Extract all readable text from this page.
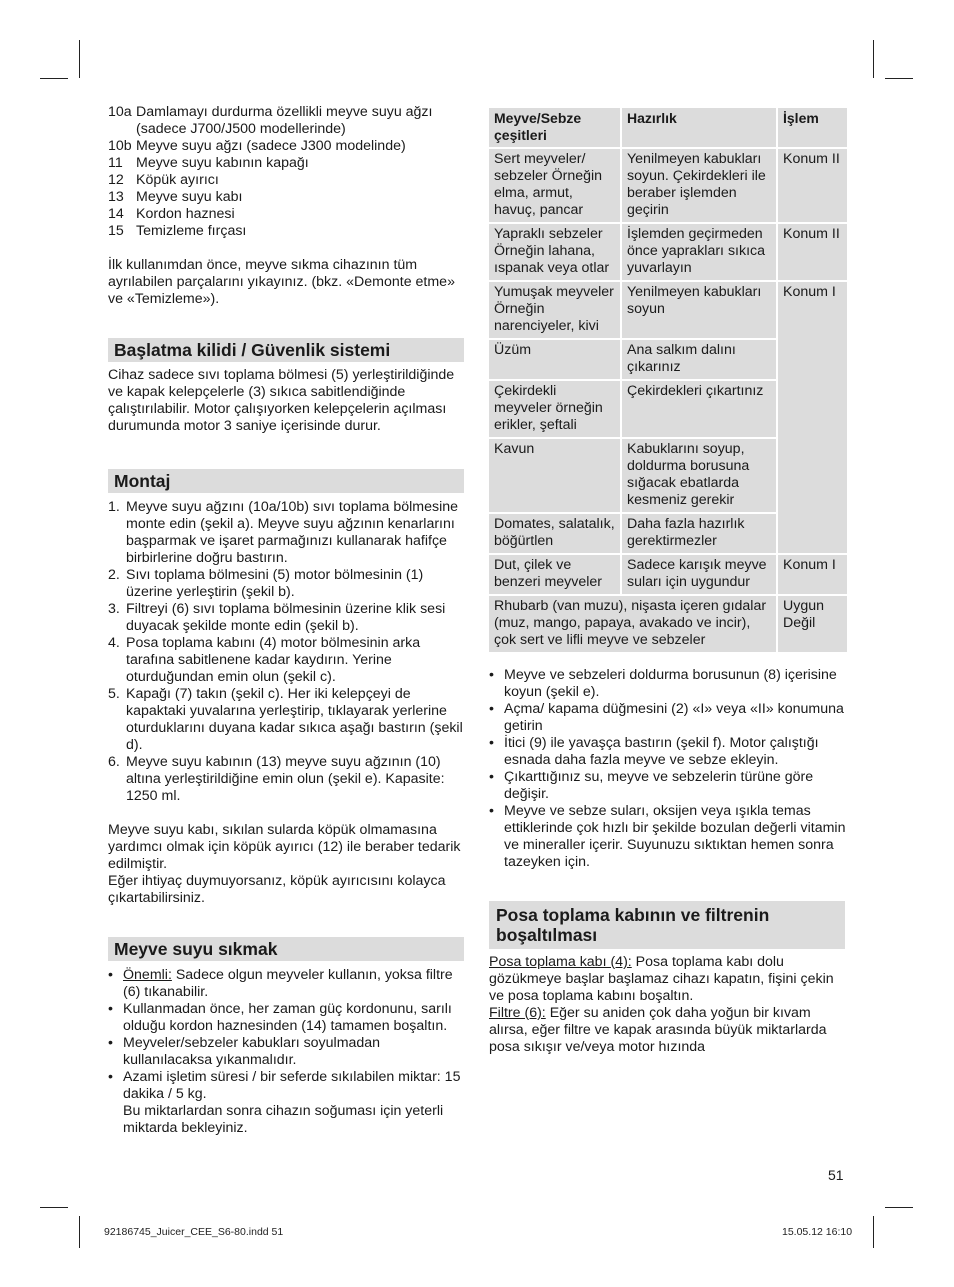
10a Damlamayı durdurma özellikli meyve suyu ağzı (sadece J700/J500 modellerinde)
10b Meyve suyu ağzı (sadece J300 modelinde)
11 Meyve suyu kabının kapağı
12 Köpük ayırıcı
13 Meyve suyu kabı
14 Kordon haznesi
15 Temizleme fırçası

İlk kullanımdan önce, meyve sıkma cihazının tüm ayrılabilen parçalarını yıkayınız. (bkz. «Demonte etme» ve «Temizleme»).

Başlatma kilidi / Güvenlik sistemi

Cihaz sadece sıvı toplama bölmesi (5) yerleştirildiğinde ve kapak kelepçelerle (3) sıkıca sabitlendiğinde çalıştırılabilir. Motor çalışıyorken kelepçelerin açılması durumunda motor 3 saniye içerisinde durur.

Montaj
1. Meyve suyu ağzını (10a/10b) sıvı toplama bölmesine monte edin (şekil a). Meyve suyu ağzının kenarlarını başparmak ve işaret parmağınızı kullanarak hafifçe birbirlerine doğru bastırın.
2. Sıvı toplama bölmesini (5) motor bölmesinin (1) üzerine yerleştirin (şekil b).
3. Filtreyi (6) sıvı toplama bölmesinin üzerine klik sesi duyacak şekilde monte edin (şekil b).
4. Posa toplama kabını (4) motor bölmesinin arka tarafına sabitlenene kadar kaydırın. Yerine oturduğundan emin olun (şekil c).
5. Kapağı (7) takın (şekil c). Her iki kelepçeyi de kapaktaki yuvalarına yerleştirip, tıklayarak yerlerine oturduklarını duyana kadar sıkıca aşağı bastırın (şekil d).
6. Meyve suyu kabının (13) meyve suyu ağzının (10) altına yerleştirildiğine emin olun (şekil e). Kapasite: 1250 ml.

Meyve suyu kabı, sıkılan sularda köpük olmamasına yardımcı olmak için köpük ayırıcı (12) ile beraber tedarik edilmiştir.

Eğer ihtiyaç duymuyorsanız, köpük ayırıcısını kolayca çıkartabilirsiniz.

Meyve suyu sıkmak
• Önemli: Sadece olgun meyveler kullanın, yoksa filtre (6) tıkanabilir.
• Kullanmadan önce, her zaman güç kordonunu, sarılı olduğu kordon haznesinden (14) tamamen boşaltın.
• Meyveler/sebzeler kabukları soyulmadan kullanılacaksa yıkanmalıdır.
• Azami işletim süresi / bir seferde sıkılabilen miktar: 15 dakika / 5 kg.
Bu miktarlardan sonra cihazın soğuması için yeterli miktarda bekleyiniz.
Meyve/Sebze çeşitleri	Hazırlık	İşlem
Sert meyveler/ sebzeler Örneğin elma, armut, havuç, pancar	Yenilmeyen kabukları soyun. Çekirdekleri ile beraber işlemden geçirin	Konum II
Yapraklı sebzeler Örneğin lahana, ıspanak veya otlar	İşlemden geçirmeden önce yaprakları sıkıca yuvarlayın	Konum II
Yumuşak meyveler Örneğin narenciyeler, kivi	Yenilmeyen kabukları soyun	Konum I
Üzüm	Ana salkım dalını çıkarınız	
Çekirdekli meyveler örneğin erikler, şeftali	Çekirdekleri çıkartınız	
Kavun	Kabuklarını soyup, doldurma borusuna sığacak ebatlarda kesmeniz gerekir	
Domates, salatalık, böğürtlen	Daha fazla hazırlık gerektirmezler	
Dut, çilek ve benzeri meyveler	Sadece karışık meyve suları için uygundur	Konum I
Rhubarb (van muzu), nişasta içeren gıdalar (muz, mango, papaya, avakado ve incir), çok sert ve lifli meyve ve sebzeler		Uygun Değil
• Meyve ve sebzeleri doldurma borusunun (8) içerisine koyun (şekil e).
• Açma/ kapama düğmesini (2) «I» veya «II» konumuna getirin
• İtici (9) ile yavaşça bastırın (şekil f). Motor çalıştığı esnada daha fazla meyve ve sebze ekleyin.
• Çıkarttığınız su, meyve ve sebzelerin türüne göre değişir.
• Meyve ve sebze suları, oksijen veya ışıkla temas ettiklerinde çok hızlı bir şekilde bozulan değerli vitamin ve mineraller içerir. Suyunuzu sıktıktan hemen sonra tazeyken için.
Posa toplama kabının ve filtrenin boşaltılması

Posa toplama kabı (4): Posa toplama kabı dolu gözükmeye başlar başlamaz cihazı kapatın, fişini çekin ve posa toplama kabını boşaltın.

Filtre (6): Eğer su aniden çok daha yoğun bir kıvam alırsa, eğer filtre ve kapak arasında büyük miktarlarda posa sıkışır ve/veya motor hızında

51
92186745_Juicer_CEE_S6-80.indd 51	15.05.12 16:10
